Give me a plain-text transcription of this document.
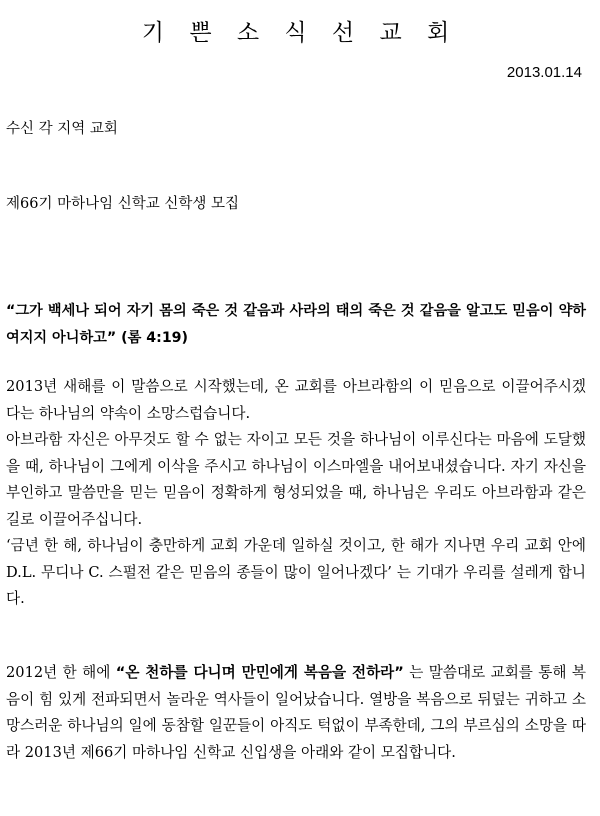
기 쁜 소 식 선 교 회
2013.01.14
수신 각 지역 교회
제66기 마하나임 신학교 신학생 모집
“그가 백세나 되어 자기 몸의 죽은 것 같음과 사라의 태의 죽은 것 같음을 알고도 믿음이 약하여지지 아니하고” (롬 4:19)

2013년 새해를 이 말씀으로 시작했는데, 온 교회를 아브라함의 이 믿음으로 이끌어주시겠다는 하나님의 약속이 소망스럽습니다.

아브라함 자신은 아무것도 할 수 없는 자이고 모든 것을 하나님이 이루신다는 마음에 도달했을 때, 하나님이 그에게 이삭을 주시고 하나님이 이스마엘을 내어보내셨습니다. 자기 자신을 부인하고 말씀만을 믿는 믿음이 정확하게 형성되었을 때, 하나님은 우리도 아브라함과 같은 길로 이끌어주십니다.

‘금년 한 해, 하나님이 충만하게 교회 가운데 일하실 것이고, 한 해가 지나면 우리 교회 안에 D.L. 무디나 C. 스펄전 같은 믿음의 종들이 많이 일어나겠다’ 는 기대가 우리를 설레게 합니다.

2012년 한 해에 “온 천하를 다니며 만민에게 복음을 전하라” 는 말씀대로 교회를 통해 복음이 힘 있게 전파되면서 놀라운 역사들이 일어났습니다. 열방을 복음으로 뒤덮는 귀하고 소망스러운 하나님의 일에 동참할 일꾼들이 아직도 턱없이 부족한데, 그의 부르심의 소망을 따라 2013년 제66기 마하나임 신학교 신입생을 아래와 같이 모집합니다.
